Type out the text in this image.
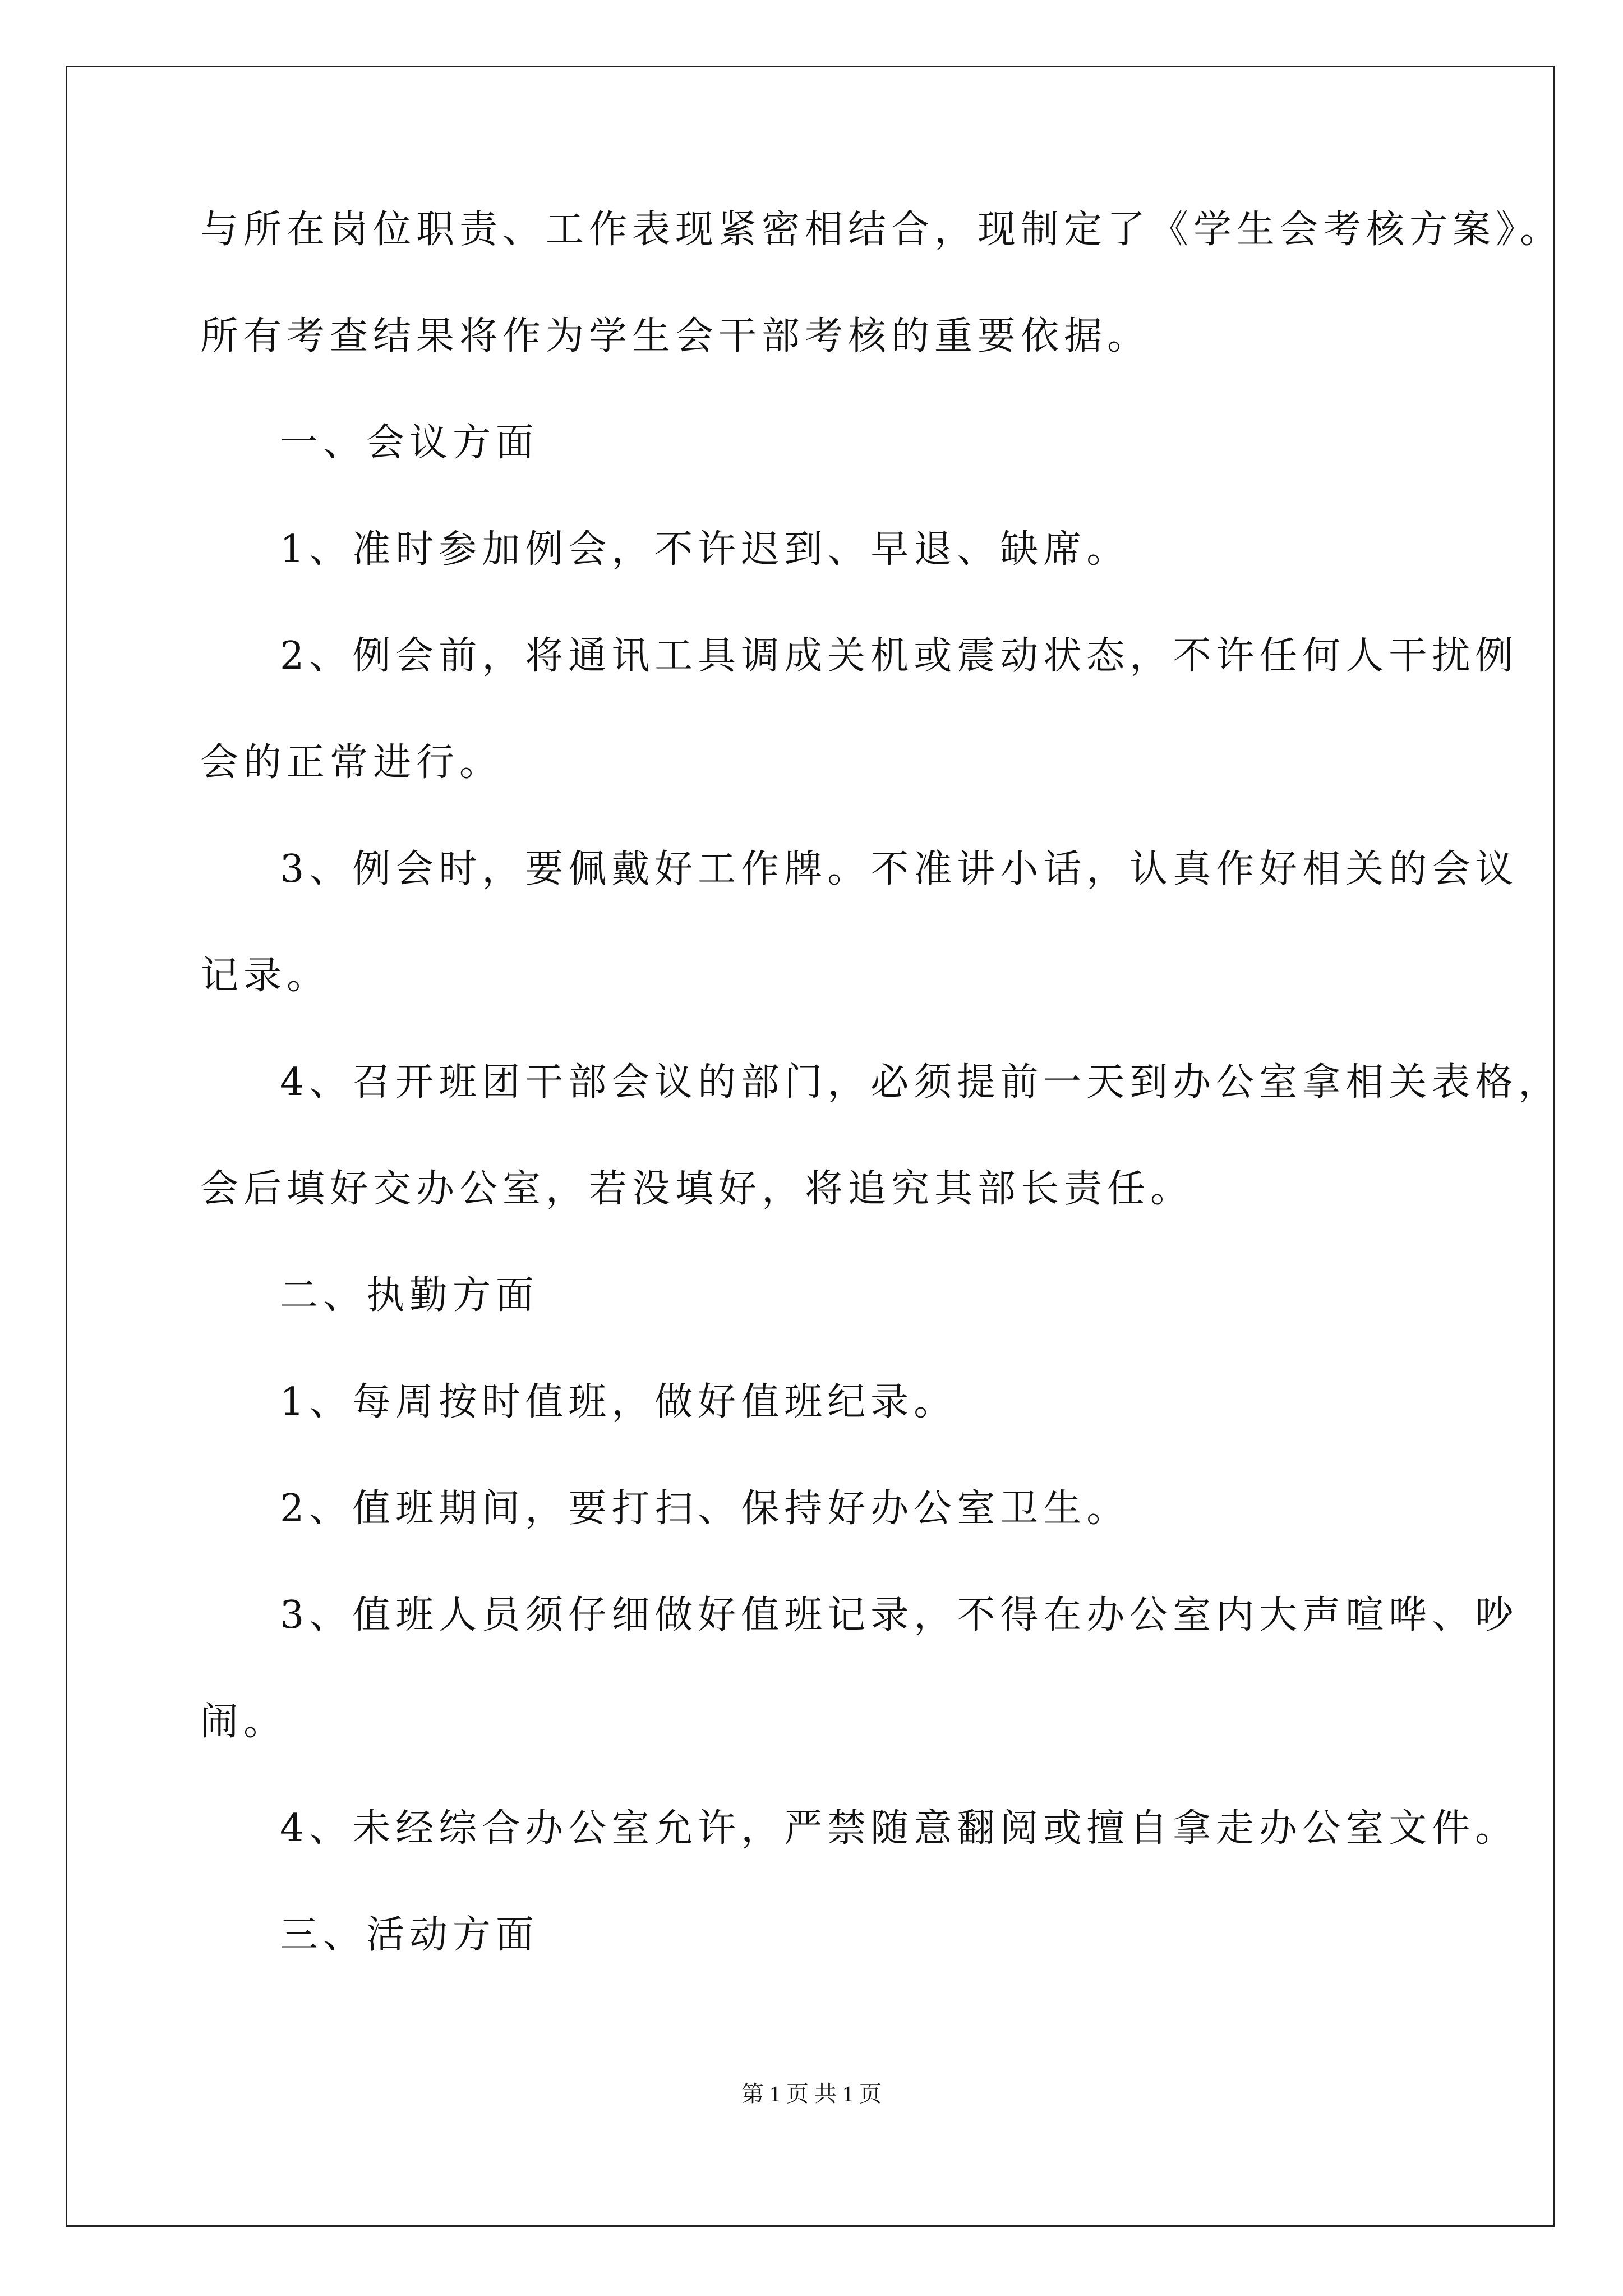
与所在岗位职责、工作表现紧密相结合，现制定了《学生会考核方案》。
所有考查结果将作为学生会干部考核的重要依据。
一、会议方面
1、准时参加例会，不许迟到、早退、缺席。
2、例会前，将通讯工具调成关机或震动状态，不许任何人干扰例
会的正常进行。
3、例会时，要佩戴好工作牌。不准讲小话，认真作好相关的会议
记录。
4、召开班团干部会议的部门，必须提前一天到办公室拿相关表格，
会后填好交办公室，若没填好，将追究其部长责任。
二、执勤方面
1、每周按时值班，做好值班纪录。
2、值班期间，要打扫、保持好办公室卫生。
3、值班人员须仔细做好值班记录，不得在办公室内大声喧哗、吵
闹。
4、未经综合办公室允许，严禁随意翻阅或擅自拿走办公室文件。
三、活动方面
第 1 页 共 1 页
